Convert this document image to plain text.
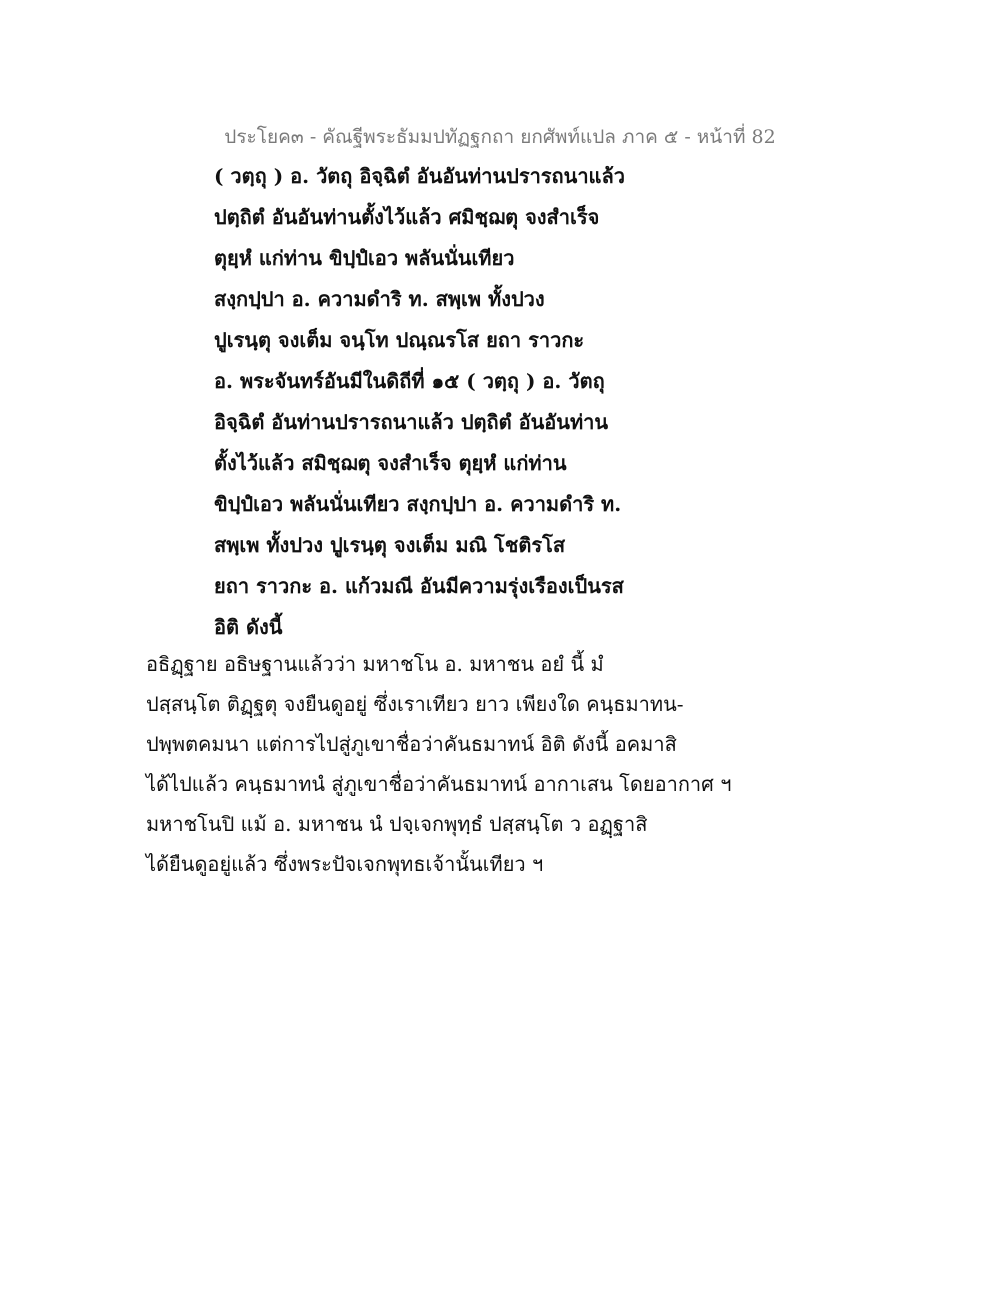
ประโยค๓ - คัณฐีพระธัมมปทัฏฐกถา ยกศัพท์แปล ภาค ๕ - หน้าที่ 82
( วตฺถุ ) อ. วัตถุ อิจฺฉิตํ อันอันท่านปรารถนาแล้ว
ปตฺถิตํ อันอันท่านตั้งไว้แล้ว ศมิชฺฌตุ จงสำเร็จ
ตุยฺหํ แก่ท่าน ขิปฺปํเอว พลันนั่นเทียว
สงฺกปฺปา อ. ความดำริ ท. สพฺเพ ทั้งปวง
ปูเรนฺตุ จงเต็ม จนฺโท ปณฺณรโส ยถา ราวกะ
อ. พระจันทร์อันมีในดิถีที่ ๑๕ ( วตฺถุ ) อ. วัตถุ
อิจฺฉิตํ อันท่านปรารถนาแล้ว ปตฺถิตํ อันอันท่าน
ตั้งไว้แล้ว สมิชฺฌตุ จงสำเร็จ ตุยฺหํ แก่ท่าน
ขิปฺปํเอว พลันนั่นเทียว สงฺกปฺปา อ. ความดำริ ท.
สพฺเพ ทั้งปวง ปูเรนฺตุ จงเต็ม มณิ โชติรโส
ยถา ราวกะ อ. แก้วมณี อันมีความรุ่งเรืองเป็นรส
อิติ ดังนี้
อธิฏฺฐาย อธิษฐานแล้วว่า มหาชโน อ. มหาชน อยํ นี้ มํ
ปสฺสนฺโต ติฏฺฐตุ จงยืนดูอยู่ ซึ่งเราเทียว ยาว เพียงใด คนฺธมาทน-
ปพฺพตคมนา แต่การไปสู่ภูเขาชื่อว่าคันธมาทน์ อิติ ดังนี้ อคมาสิ
ได้ไปแล้ว คนฺธมาทนํ สู่ภูเขาชื่อว่าคันธมาทน์ อากาเสน โดยอากาศ ฯ
มหาชโนปิ แม้ อ. มหาชน นํ ปจฺเจกพุทฺธํ ปสฺสนฺโต ว อฏฺฐาสิ
ได้ยืนดูอยู่แล้ว ซึ่งพระปัจเจกพุทธเจ้านั้นเทียว ฯ
